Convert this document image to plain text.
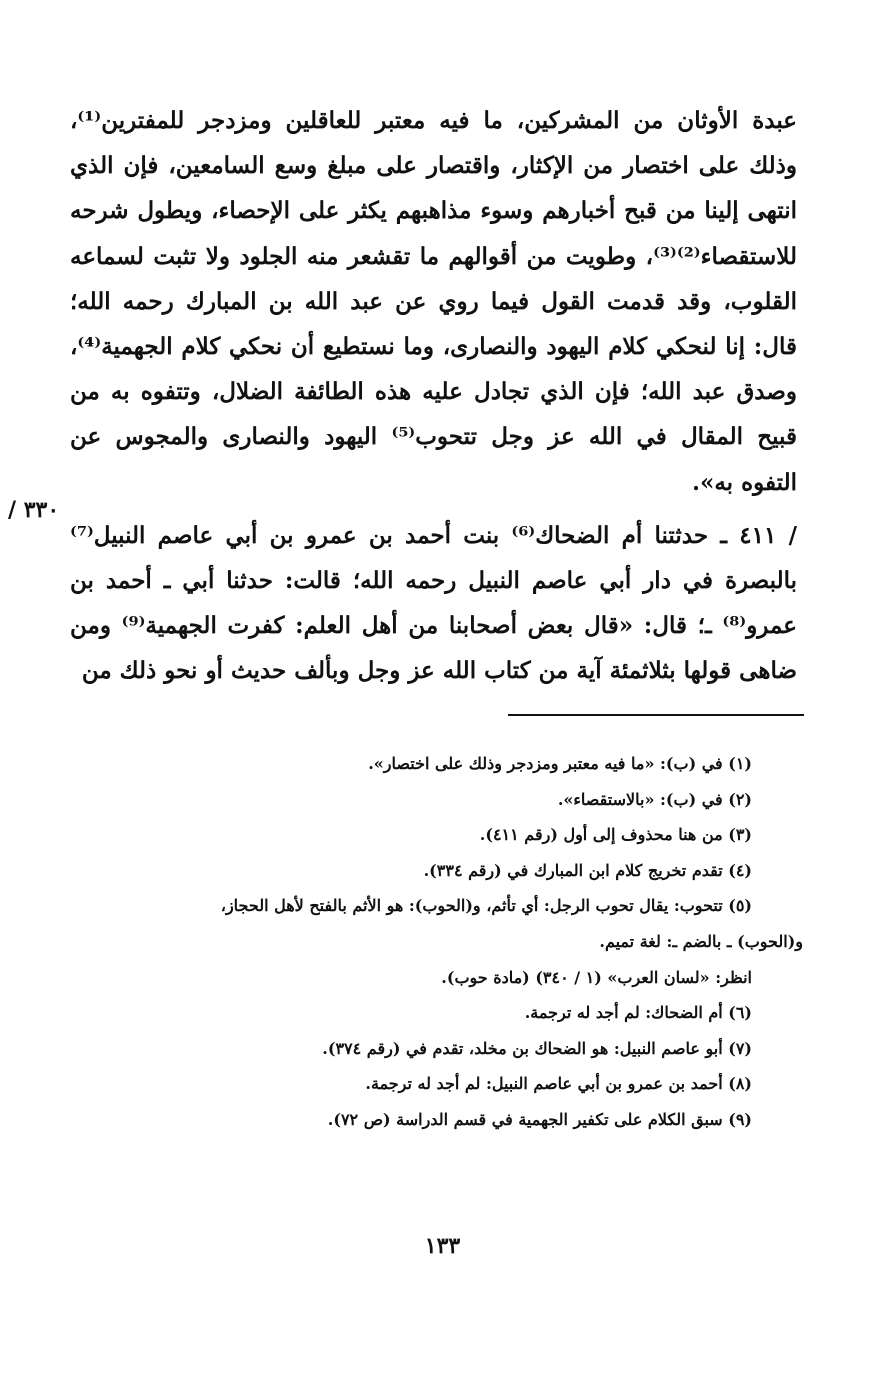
عبدة الأوثان من المشركين، ما فيه معتبر للعاقلين ومزدجر للمفترين⁽¹⁾، وذلك على اختصار من الإكثار، واقتصار على مبلغ وسع السامعين، فإن الذي انتهى إلينا من قبح أخبارهم وسوء مذاهبهم يكثر على الإحصاء، ويطول شرحه للاستقصاء⁽²⁾⁽³⁾، وطويت من أقوالهم ما تقشعر منه الجلود ولا تثبت لسماعه القلوب، وقد قدمت القول فيما روي عن عبد الله بن المبارك رحمه الله؛ قال: إنا لنحكي كلام اليهود والنصارى، وما نستطيع أن نحكي كلام الجهمية⁽⁴⁾، وصدق عبد الله؛ فإن الذي تجادل عليه هذه الطائفة الضلال، وتتفوه به من قبيح المقال في الله عز وجل تتحوب⁽⁵⁾ اليهود والنصارى والمجوس عن التفوه به».

/ ٤١١ ـ حدثتنا أم الضحاك⁽⁶⁾ بنت أحمد بن عمرو بن أبي عاصم النبيل⁽⁷⁾ بالبصرة في دار أبي عاصم النبيل رحمه الله؛ قالت: حدثنا أبي ـ أحمد بن عمرو⁽⁸⁾ ـ؛ قال: «قال بعض أصحابنا من أهل العلم: كفرت الجهمية⁽⁹⁾ ومن ضاهى قولها بثلاثمئة آية من كتاب الله عز وجل وبألف حديث أو نحو ذلك من

/ ٣٣٠

(١) في (ب): «ما فيه معتبر ومزدجر وذلك على اختصار».

(٢) في (ب): «بالاستقصاء».

(٣) من هنا محذوف إلى أول (رقم ٤١١).

(٤) تقدم تخريج كلام ابن المبارك في (رقم ٣٣٤).

(٥) تتحوب: يقال تحوب الرجل: أي تأثم، و(الحوب): هو الأثم بالفتح لأهل الحجاز،

و(الحوب) ـ بالضم ـ: لغة تميم.

انظر: «لسان العرب» (١ / ٣٤٠) (مادة حوب).

(٦) أم الضحاك: لم أجد له ترجمة.

(٧) أبو عاصم النبيل: هو الضحاك بن مخلد، تقدم في (رقم ٣٧٤).

(٨) أحمد بن عمرو بن أبي عاصم النبيل: لم أجد له ترجمة.

(٩) سبق الكلام على تكفير الجهمية في قسم الدراسة (ص ٧٢).

١٣٣
